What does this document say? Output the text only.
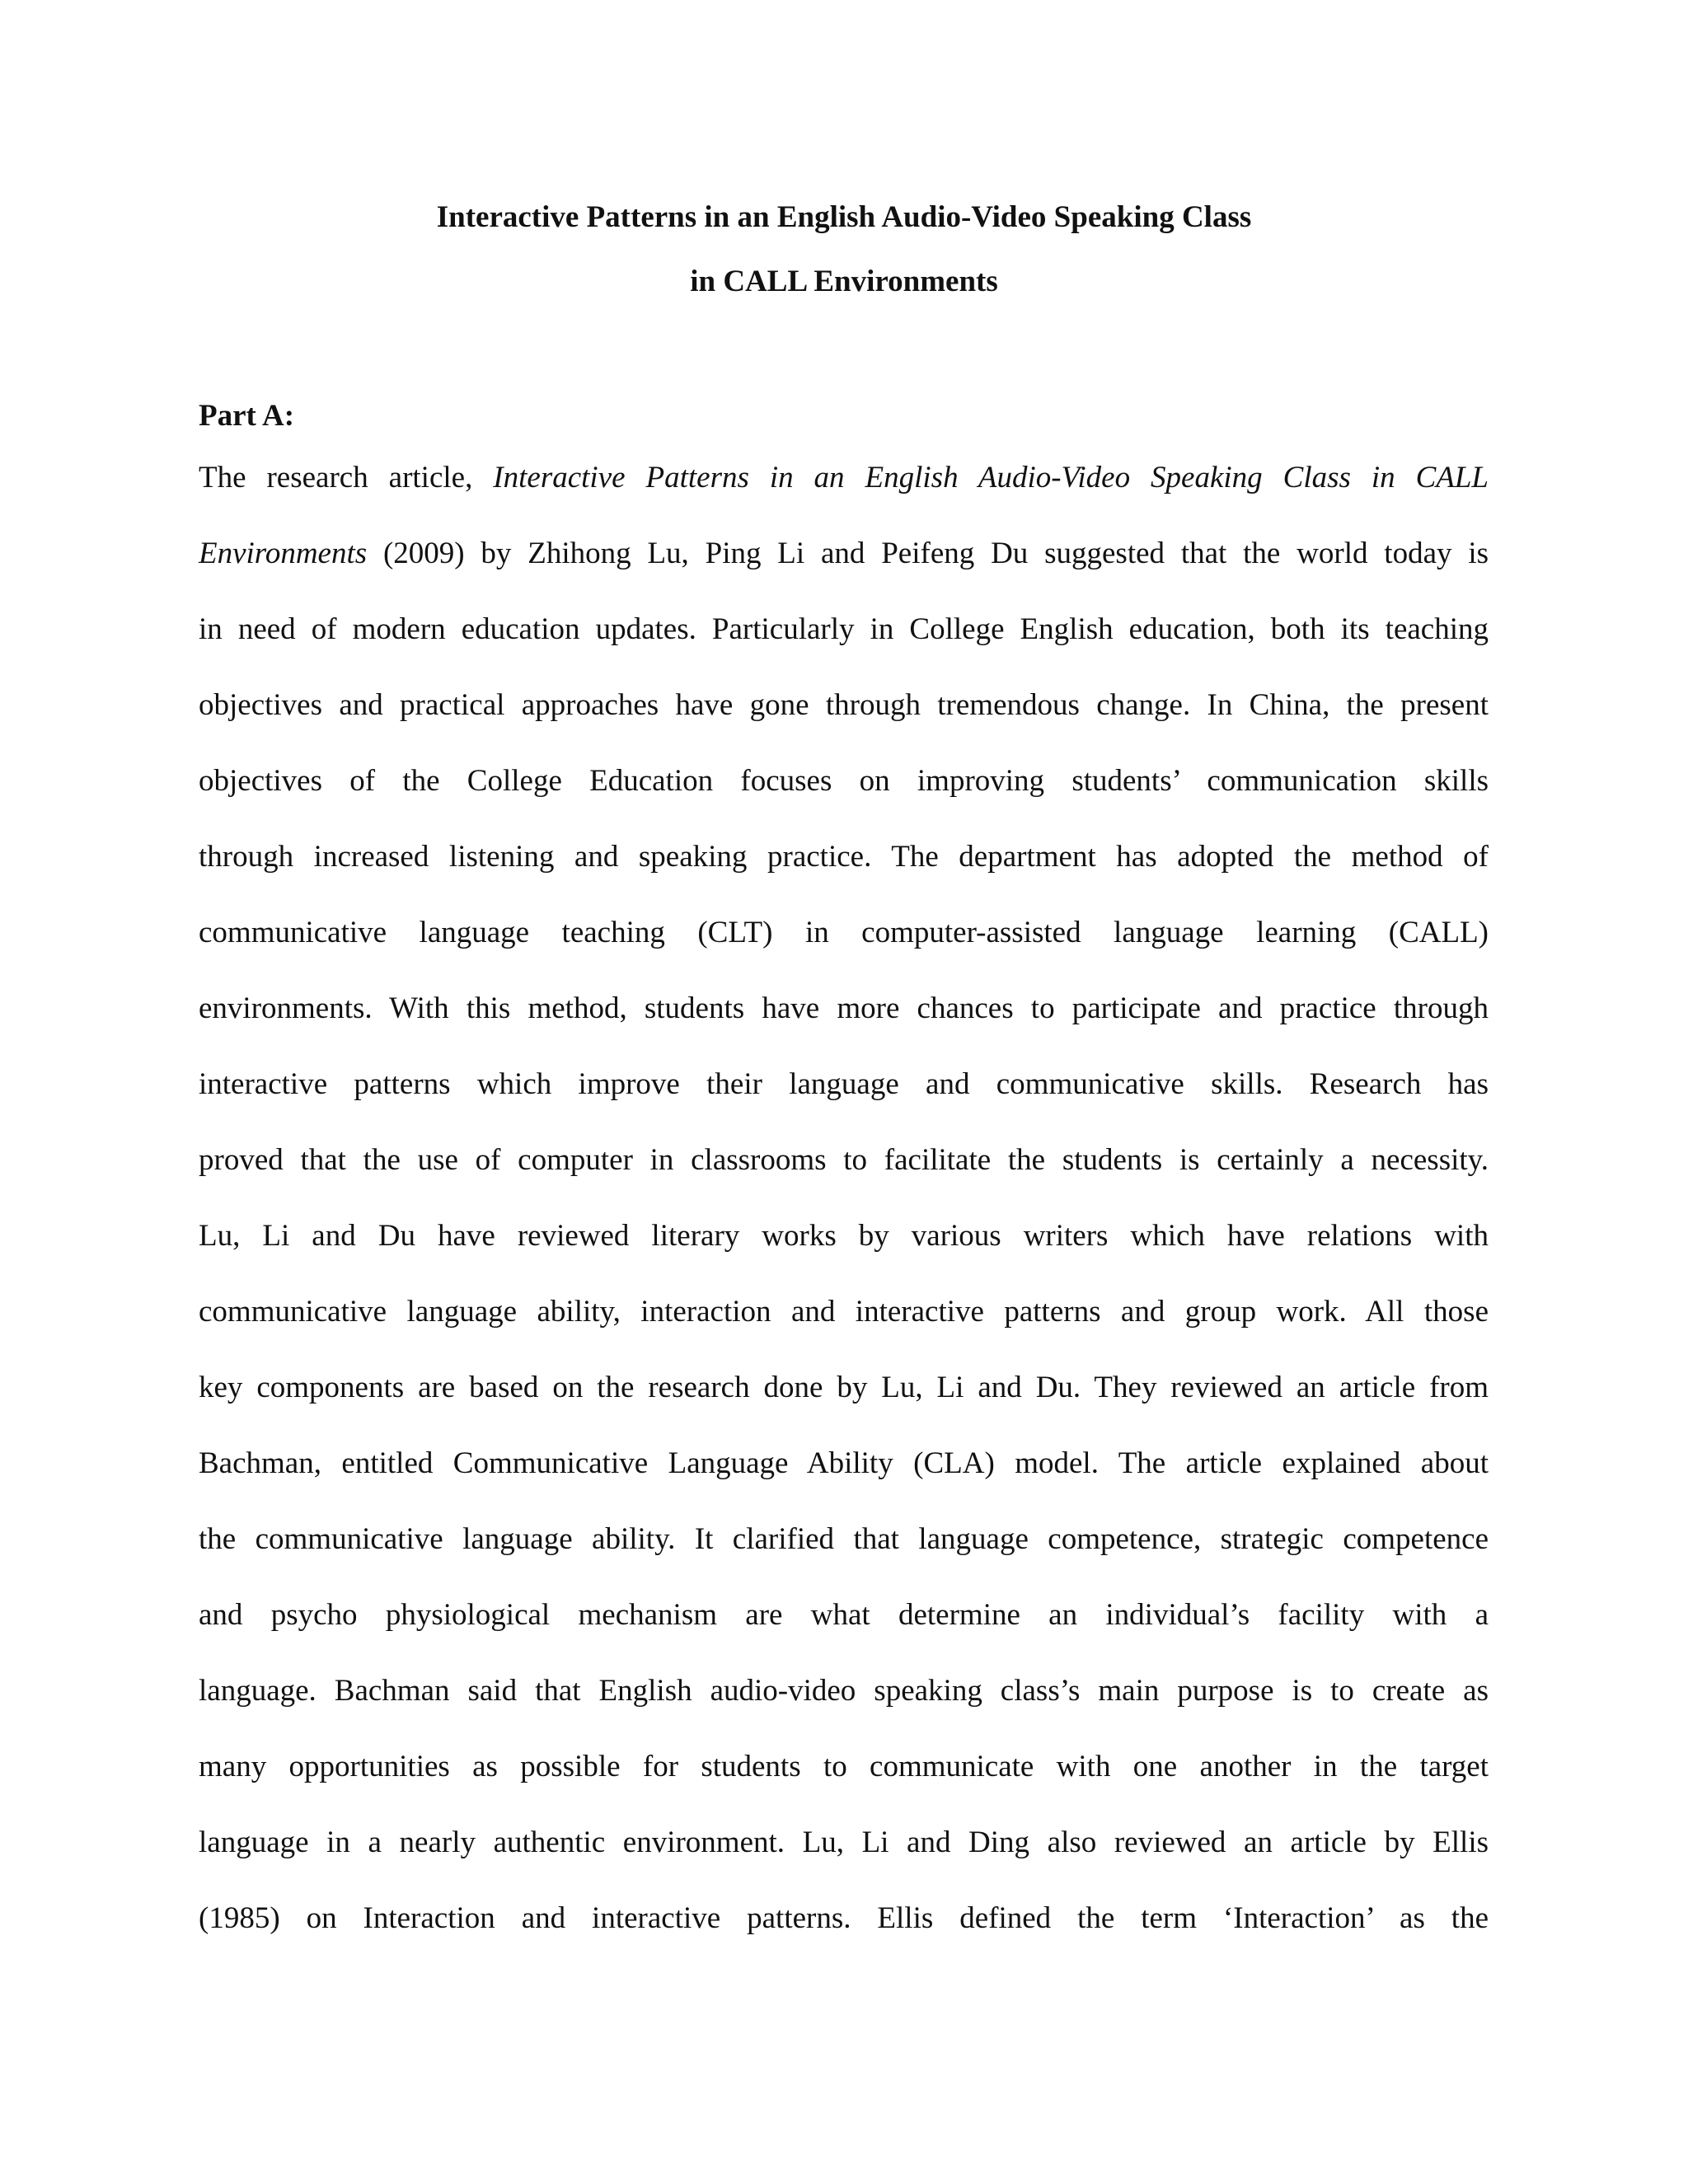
Interactive Patterns in an English Audio-Video Speaking Class
in CALL Environments
Part A:
The research article, Interactive Patterns in an English Audio-Video Speaking Class in CALL
Environments (2009) by Zhihong Lu, Ping Li and Peifeng Du suggested that the world today is
in need of modern education updates. Particularly in College English education, both its teaching
objectives and practical approaches have gone through tremendous change. In China, the present
objectives of the College Education focuses on improving students’ communication skills
through increased listening and speaking practice. The department has adopted the method of
communicative language teaching (CLT) in computer-assisted language learning (CALL)
environments. With this method, students have more chances to participate and practice through
interactive patterns which improve their language and communicative skills. Research has
proved that the use of computer in classrooms to facilitate the students is certainly a necessity.
Lu, Li and Du have reviewed literary works by various writers which have relations with
communicative language ability, interaction and interactive patterns and group work. All those
key components are based on the research done by Lu, Li and Du. They reviewed an article from
Bachman, entitled Communicative Language Ability (CLA) model. The article explained about
the communicative language ability. It clarified that language competence, strategic competence
and psycho physiological mechanism are what determine an individual’s facility with a
language. Bachman said that English audio-video speaking class’s main purpose is to create as
many opportunities as possible for students to communicate with one another in the target
language in a nearly authentic environment. Lu, Li and Ding also reviewed an article by Ellis
(1985) on Interaction and interactive patterns. Ellis defined the term ‘Interaction’ as the
